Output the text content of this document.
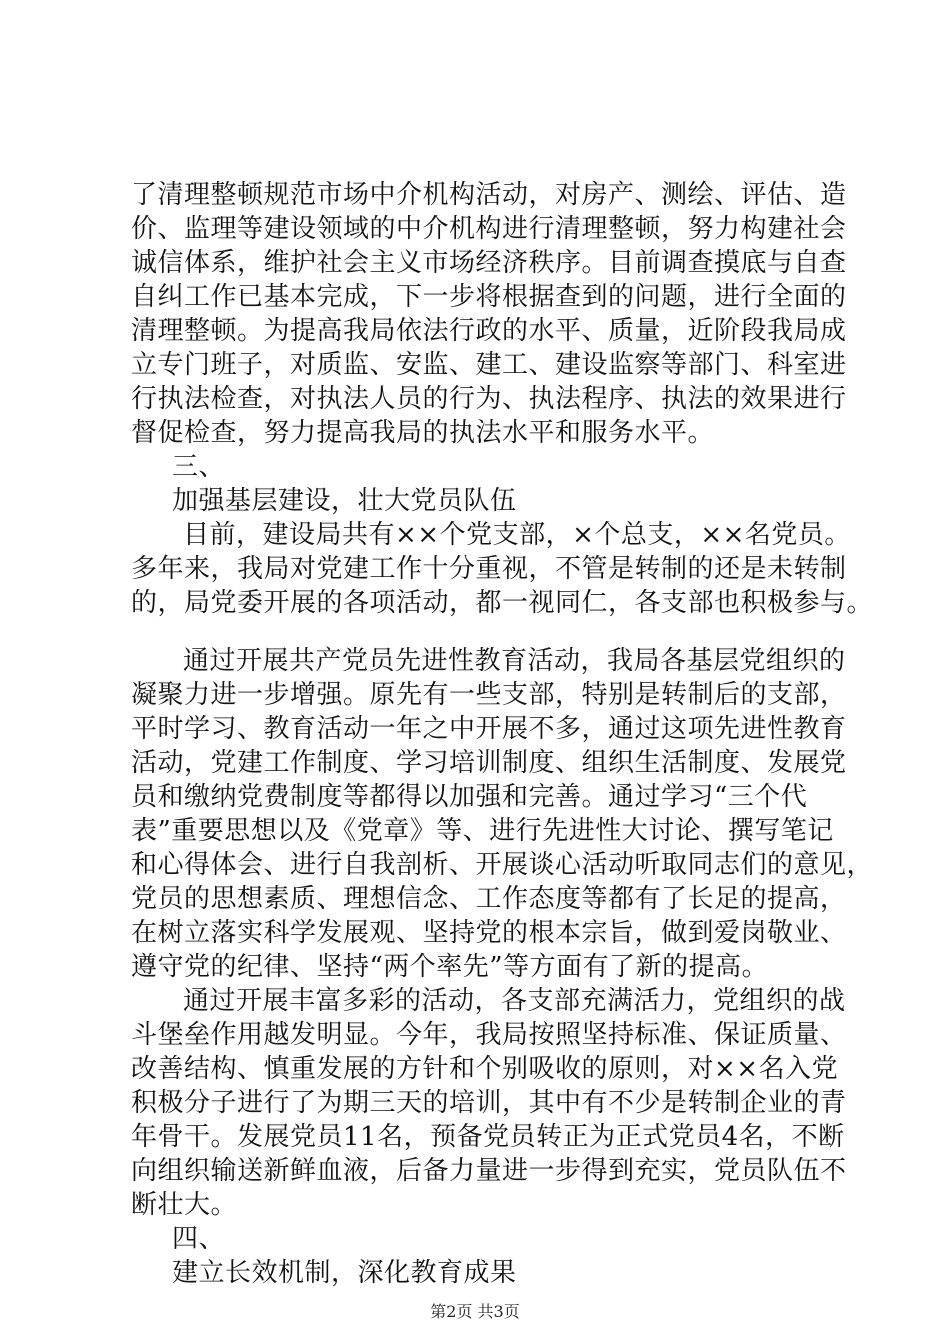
了清理整顿规范市场中介机构活动，对房产、测绘、评估、造

价、监理等建设领域的中介机构进行清理整顿，努力构建社会

诚信体系，维护社会主义市场经济秩序。目前调查摸底与自查

自纠工作已基本完成，下一步将根据查到的问题，进行全面的

清理整顿。为提高我局依法行政的水平、质量，近阶段我局成

立专门班子，对质监、安监、建工、建设监察等部门、科室进

行执法检查，对执法人员的行为、执法程序、执法的效果进行

督促检查，努力提高我局的执法水平和服务水平。

三、

加强基层建设，壮大党员队伍

目前，建设局共有××个党支部，×个总支，××名党员。

多年来，我局对党建工作十分重视，不管是转制的还是未转制

的，局党委开展的各项活动，都一视同仁，各支部也积极参与。

通过开展共产党员先进性教育活动，我局各基层党组织的

凝聚力进一步增强。原先有一些支部，特别是转制后的支部，

平时学习、教育活动一年之中开展不多，通过这项先进性教育

活动，党建工作制度、学习培训制度、组织生活制度、发展党

员和缴纳党费制度等都得以加强和完善。通过学习“三个代

表”重要思想以及《党章》等、进行先进性大讨论、撰写笔记

和心得体会、进行自我剖析、开展谈心活动听取同志们的意见，

党员的思想素质、理想信念、工作态度等都有了长足的提高，

在树立落实科学发展观、坚持党的根本宗旨，做到爱岗敬业、

遵守党的纪律、坚持“两个率先”等方面有了新的提高。

通过开展丰富多彩的活动，各支部充满活力，党组织的战

斗堡垒作用越发明显。今年，我局按照坚持标准、保证质量、

改善结构、慎重发展的方针和个别吸收的原则，对××名入党

积极分子进行了为期三天的培训，其中有不少是转制企业的青

年骨干。发展党员11名，预备党员转正为正式党员4名，不断

向组织输送新鲜血液，后备力量进一步得到充实，党员队伍不

断壮大。

四、

建立长效机制，深化教育成果

第2页 共3页
